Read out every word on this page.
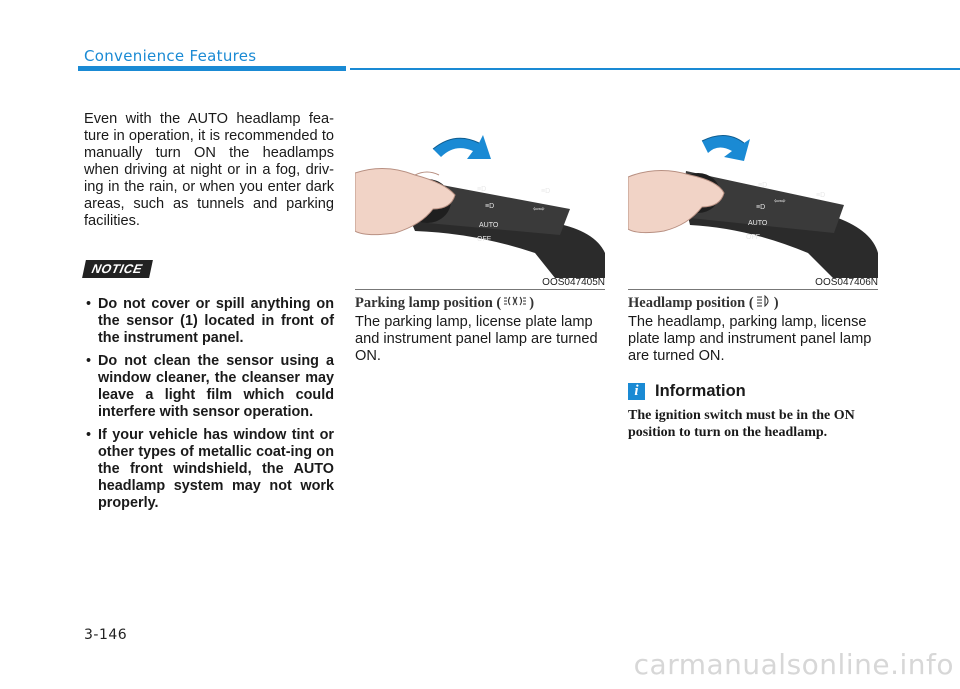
Convenience Features

Even with the AUTO headlamp fea-ture in operation, it is recommended to manually turn ON the headlamps when driving at night or in a fog, driv-ing in the rain, or when you enter dark areas, such as tunnels and parking facilities.

NOTICE
• Do not cover or spill anything on the sensor (1) located in front of the instrument panel.
• Do not clean the sensor using a window cleaner, the cleanser may leave a light film which could interfere with sensor operation.
• If your vehicle has window tint or other types of metallic coat-ing on the front windshield, the AUTO headlamp system may not work properly.
≡D
≡D
AUTO
OFF
⇦⇨
≡D
OOS047405N
Parking lamp position ( )

The parking lamp, license plate lamp and instrument panel lamp are turned ON.

≡D
≡D
AUTO
OFF
⇦⇨
≡D
OOS047406N
Headlamp position ( )

The headlamp, parking lamp, license plate lamp and instrument panel lamp are turned ON.

i Information

The ignition switch must be in the ON position to turn on the headlamp.

3-146
carmanualsonline.info
